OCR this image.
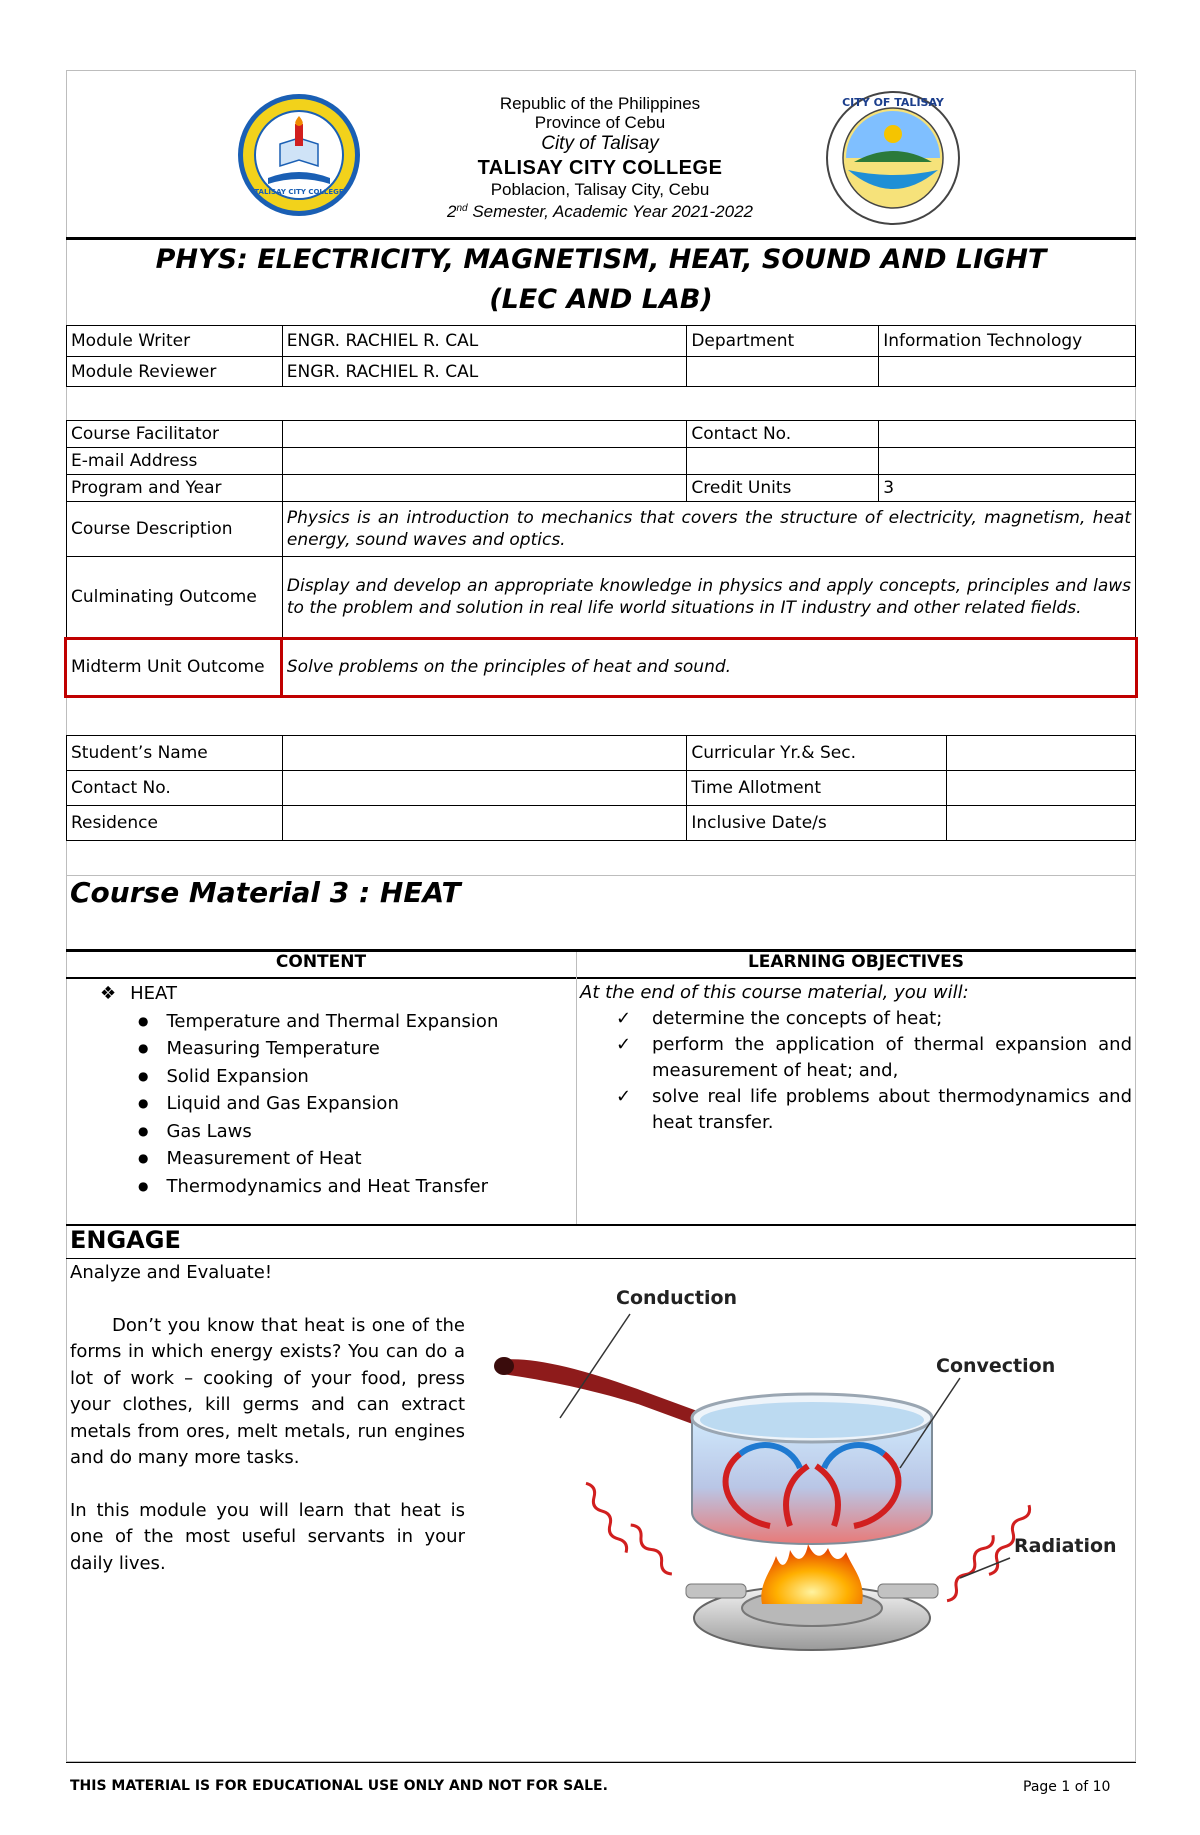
TALISAY CITY COLLEGE
CITY OF TALISAY
Republic of the Philippines
Province of Cebu
City of Talisay
TALISAY CITY COLLEGE
Poblacion, Talisay City, Cebu
2nd Semester, Academic Year 2021-2022
PHYS: ELECTRICITY, MAGNETISM, HEAT, SOUND AND LIGHT
(LEC AND LAB)
Module Writer	ENGR. RACHIEL R. CAL	Department	Information Technology
Module Reviewer	ENGR. RACHIEL R. CAL		
Course Facilitator		Contact No.	
E-mail Address			
Program and Year		Credit Units	3
Course Description	Physics is an introduction to mechanics that covers the structure of electricity, magnetism, heat energy, sound waves and optics.		
Culminating Outcome	Display and develop an appropriate knowledge in physics and apply concepts, principles and laws to the problem and solution in real life world situations in IT industry and other related fields.		
Midterm Unit Outcome	Solve problems on the principles of heat and sound.		
Student’s Name		Curricular Yr.& Sec.	
Contact No.		Time Allotment	
Residence		Inclusive Date/s	
Course Material 3 : HEAT
CONTENT	LEARNING OBJECTIVES
❖ HEAT
● Temperature and Thermal Expansion
● Measuring Temperature
● Solid Expansion
● Liquid and Gas Expansion
● Gas Laws
● Measurement of Heat
● Thermodynamics and Heat Transfer
At the end of this course material, you will:
✓	determine the concepts of heat;
✓	perform the application of thermal expansion and measurement of heat; and,
✓	solve real life problems about thermodynamics and heat transfer.
ENGAGE

Analyze and Evaluate!

Don’t you know that heat is one of the forms in which energy exists? You can do a lot of work – cooking of your food, press your clothes, kill germs and can extract metals from ores, melt metals, run engines and do many more tasks.

In this module you will learn that heat is one of the most useful servants in your daily lives.

Conduction
Convection
Radiation
THIS MATERIAL IS FOR EDUCATIONAL USE ONLY AND NOT FOR SALE.	Page 1 of 10
